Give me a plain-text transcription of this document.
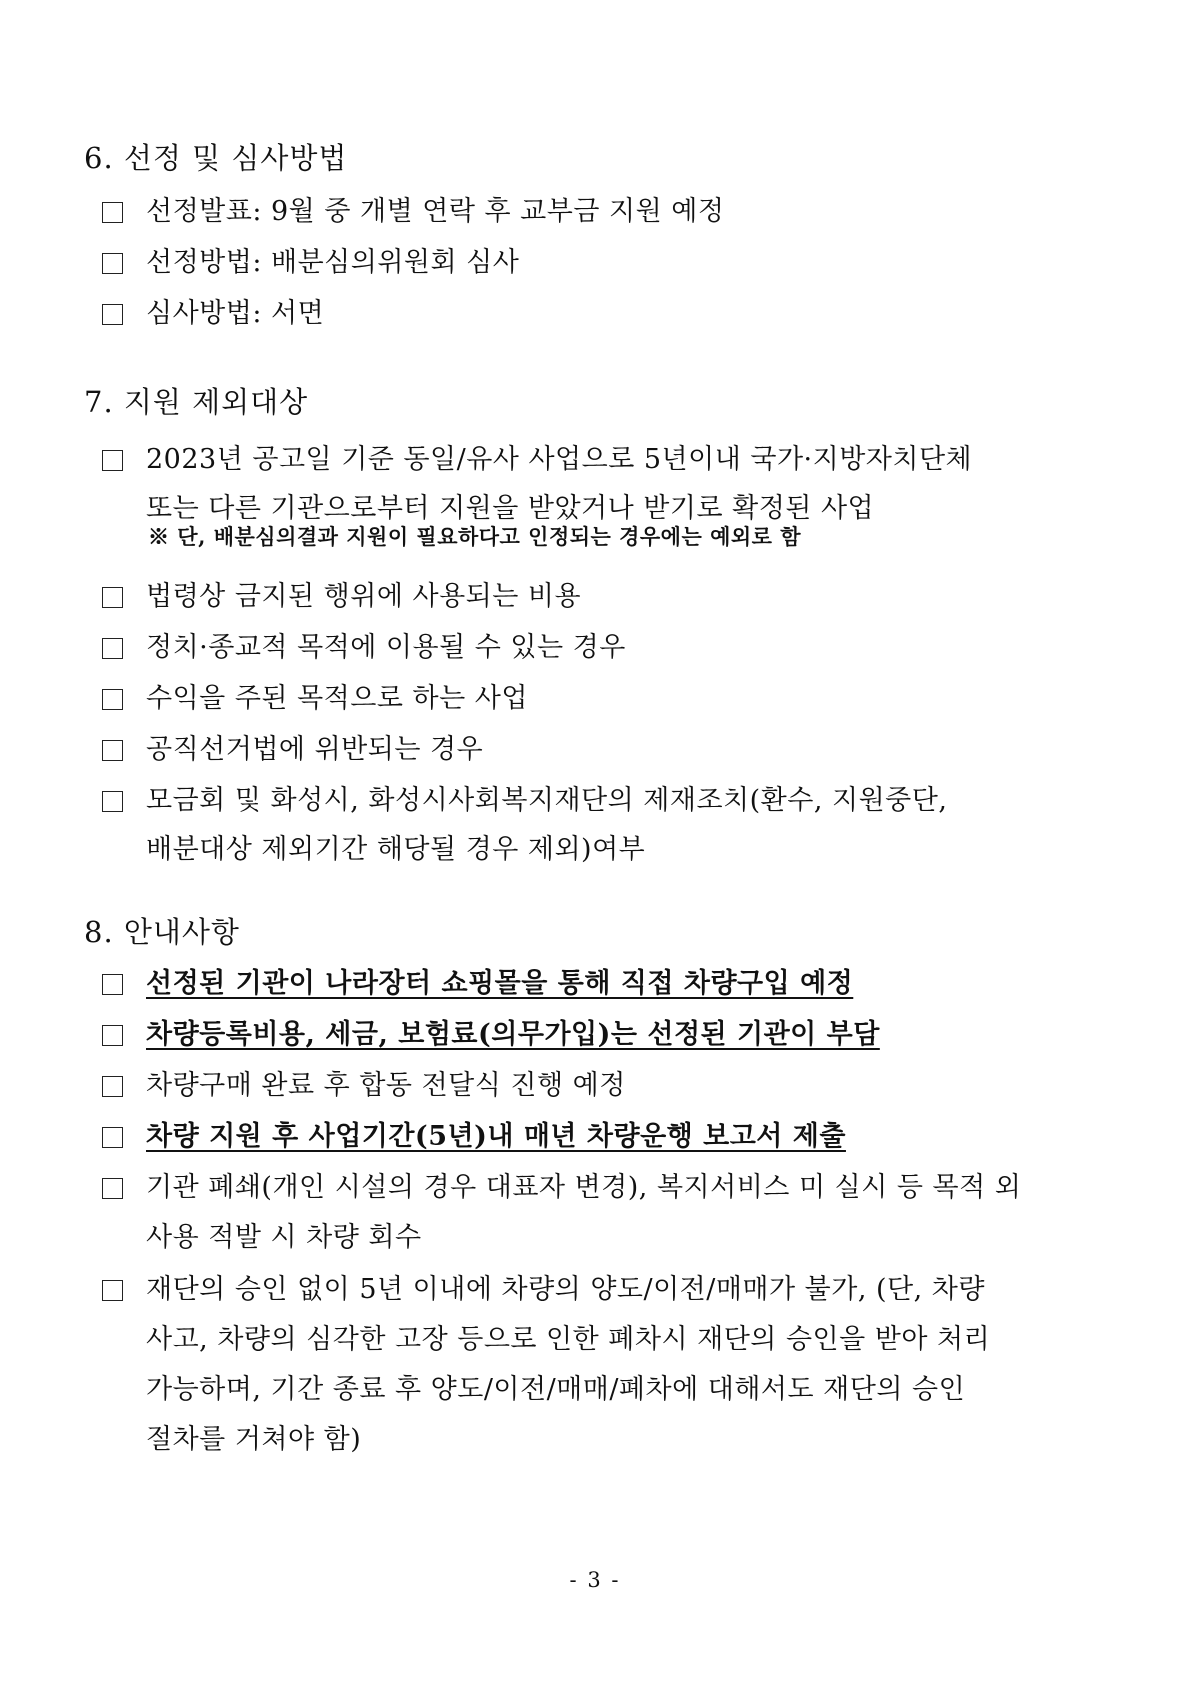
6. 선정 및 심사방법
선정발표: 9월 중 개별 연락 후 교부금 지원 예정
선정방법: 배분심의위원회 심사
심사방법: 서면
7. 지원 제외대상
2023년 공고일 기준 동일/유사 사업으로 5년이내 국가·지방자치단체
또는 다른 기관으로부터 지원을 받았거나 받기로 확정된 사업
※ 단, 배분심의결과 지원이 필요하다고 인정되는 경우에는 예외로 함
법령상 금지된 행위에 사용되는 비용
정치·종교적 목적에 이용될 수 있는 경우
수익을 주된 목적으로 하는 사업
공직선거법에 위반되는 경우
모금회 및 화성시, 화성시사회복지재단의 제재조치(환수, 지원중단,
배분대상 제외기간 해당될 경우 제외)여부
8. 안내사항
선정된 기관이 나라장터 쇼핑몰을 통해 직접 차량구입 예정
차량등록비용, 세금, 보험료(의무가입)는 선정된 기관이 부담
차량구매 완료 후 합동 전달식 진행 예정
차량 지원 후 사업기간(5년)내 매년 차량운행 보고서 제출
기관 폐쇄(개인 시설의 경우 대표자 변경), 복지서비스 미 실시 등 목적 외
사용 적발 시 차량 회수
재단의 승인 없이 5년 이내에 차량의 양도/이전/매매가 불가, (단, 차량
사고, 차량의 심각한 고장 등으로 인한 폐차시 재단의 승인을 받아 처리
가능하며, 기간 종료 후 양도/이전/매매/폐차에 대해서도 재단의 승인
절차를 거쳐야 함)
- 3 -
